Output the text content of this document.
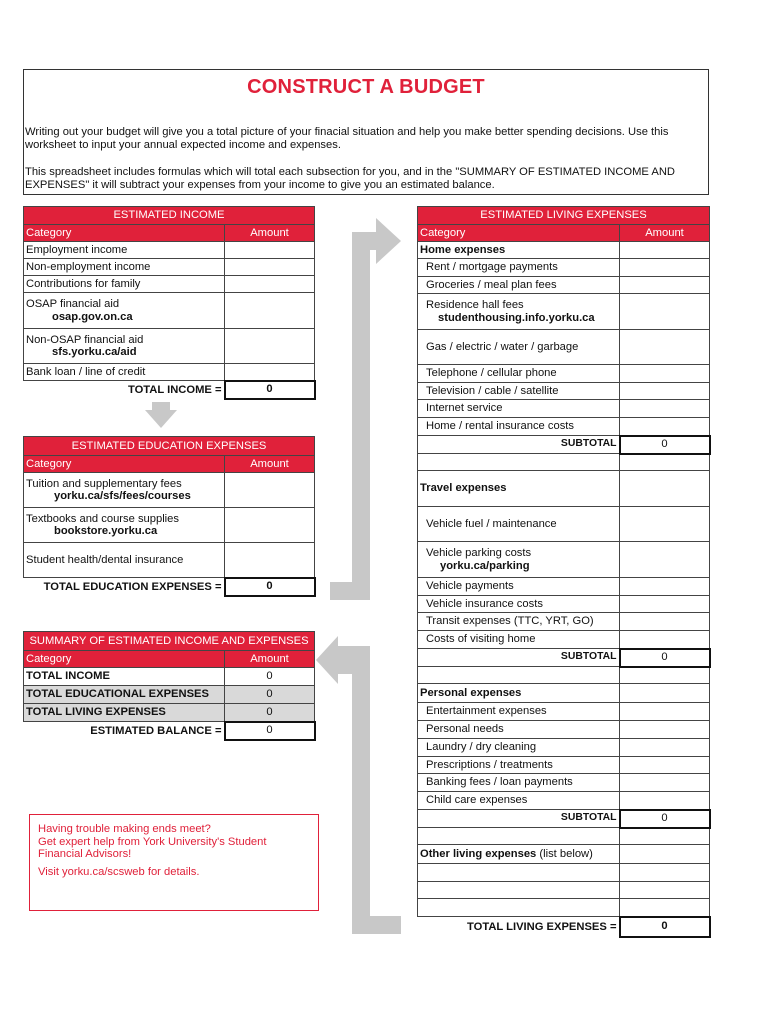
CONSTRUCT A BUDGET
Writing out your budget will give you a total picture of your finacial situation and help you make better spending decisions. Use this worksheet to input your annual expected income and expenses.
This spreadsheet includes formulas which will total each subsection for you, and in the "SUMMARY OF ESTIMATED INCOME AND EXPENSES" it will subtract your expenses from your income to give you an estimated balance.
ESTIMATED INCOME	
Category	Amount
Employment income	
Non-employment income	
Contributions for family	

OSAP financial aid
osap.gov.on.ca	

Non-OSAP financial aid
sfs.yorku.ca/aid	

Bank loan / line of credit	
TOTAL INCOME =	0
ESTIMATED EDUCATION EXPENSES	
Category	Amount

Tuition and supplementary fees
yorku.ca/sfs/fees/courses	

Textbooks and course supplies
bookstore.yorku.ca	

Student health/dental insurance	
TOTAL EDUCATION EXPENSES =	0
SUMMARY OF ESTIMATED INCOME AND EXPENSES	
Category	Amount
TOTAL INCOME	0
TOTAL EDUCATIONAL EXPENSES	0
TOTAL LIVING EXPENSES	0
ESTIMATED BALANCE =	0
Having trouble making ends meet?
Get expert help from York University's Student Financial Advisors!
Visit yorku.ca/scsweb for details.
ESTIMATED LIVING EXPENSES	
Category	Amount
Home expenses	
Rent / mortgage payments	
Groceries / meal plan fees	

Residence hall fees
studenthousing.info.yorku.ca	

Gas / electric / water / garbage	
Telephone / cellular phone	
Television / cable / satellite	
Internet service	
Home / rental insurance costs	
SUBTOTAL	0

Travel expenses	
Vehicle fuel / maintenance	

Vehicle parking costs
yorku.ca/parking	

Vehicle payments	
Vehicle insurance costs	
Transit expenses (TTC, YRT, GO)	
Costs of visiting home	
SUBTOTAL	0

Personal expenses	
Entertainment expenses	
Personal needs	
Laundry / dry cleaning	
Prescriptions / treatments	
Banking fees / loan payments	
Child care expenses	
SUBTOTAL	0

Other living expenses (list below)	

TOTAL LIVING EXPENSES =	0
